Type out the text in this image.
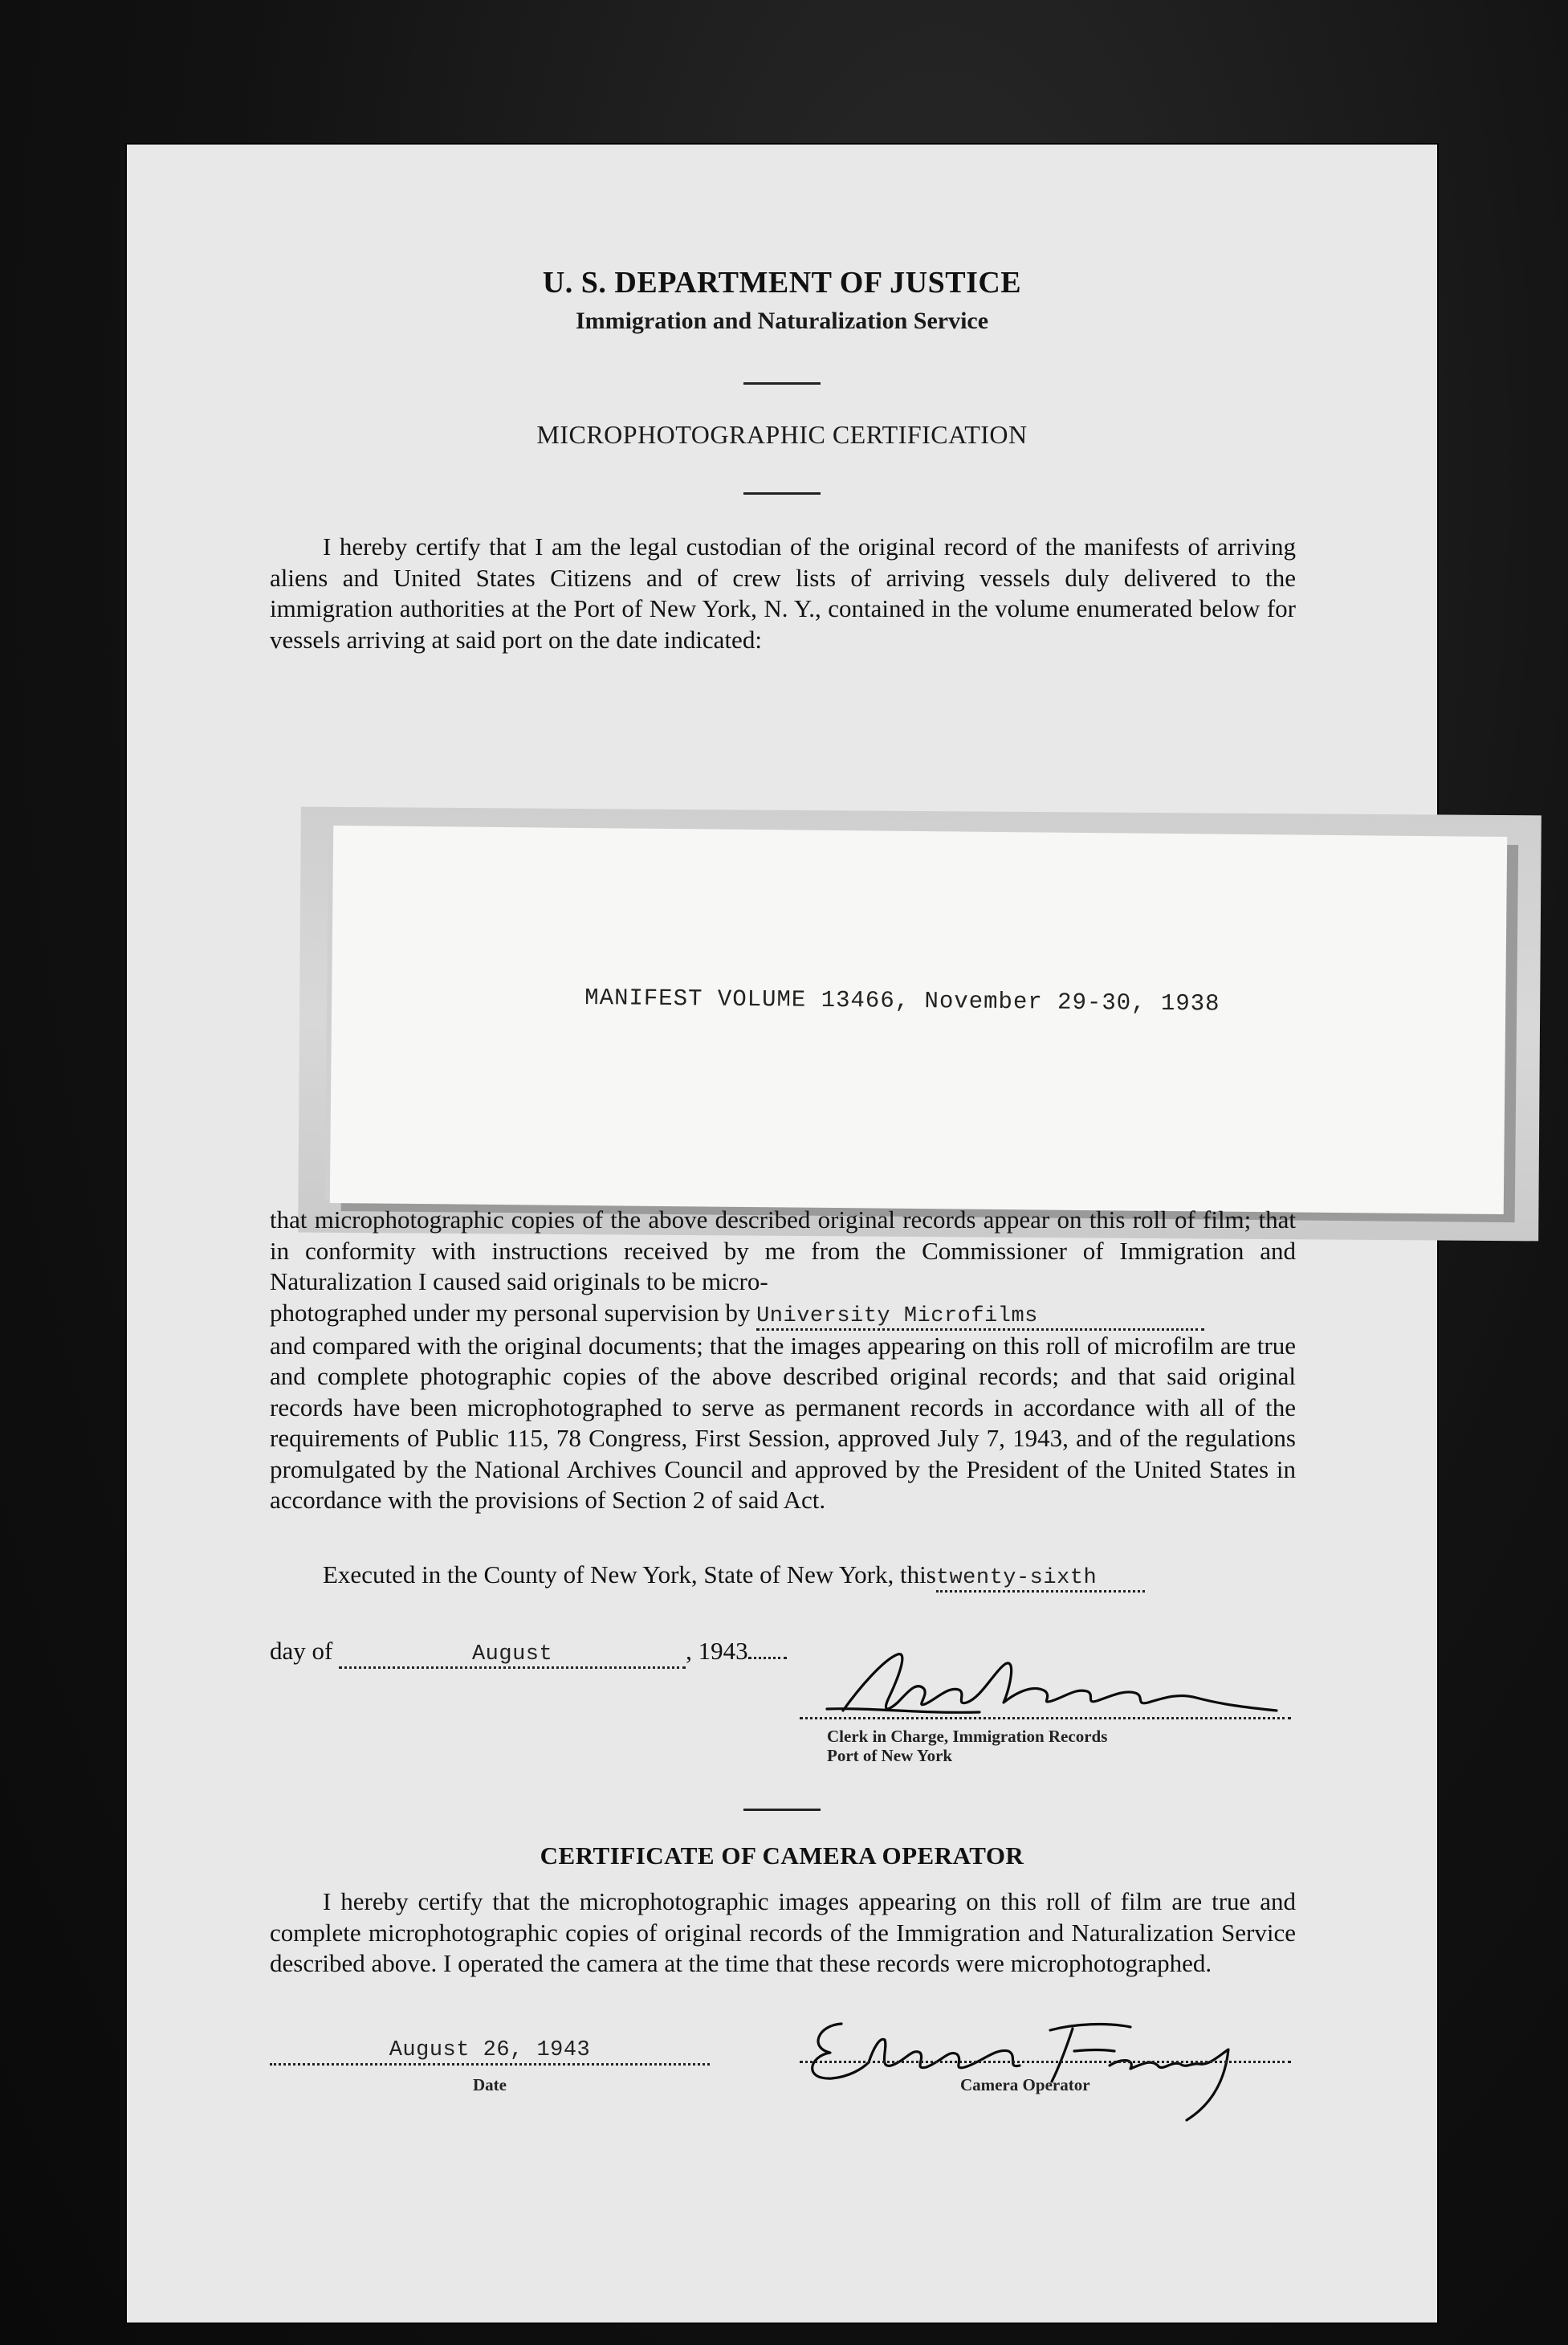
U. S. DEPARTMENT OF JUSTICE
Immigration and Naturalization Service
MICROPHOTOGRAPHIC CERTIFICATION

I hereby certify that I am the legal custodian of the original record of the manifests of arriving aliens and United States Citizens and of crew lists of arriving vessels duly delivered to the immigration authorities at the Port of New York, N. Y., contained in the volume enumerated below for vessels arriving at said port on the date indicated:

MANIFEST VOLUME 13466, November 29-30, 1938

that microphotographic copies of the above described original records appear on this roll of film; that in conformity with instructions received by me from the Commissioner of Immigration and Naturalization I caused said originals to be micro-

photographed under my personal supervision by University Microfilms

and compared with the original documents; that the images appearing on this roll of microfilm are true and complete photographic copies of the above described original records; and that said original records have been microphotographed to serve as permanent records in accordance with all of the requirements of Public 115, 78 Congress, First Session, approved July 7, 1943, and of the regulations promulgated by the National Archives Council and approved by the President of the United States in accordance with the provisions of Section 2 of said Act.

Executed in the County of New York, State of New York, thistwenty-sixth
day of	August	, 1943
Clerk in Charge, Immigration Records
Port of New York
CERTIFICATE OF CAMERA OPERATOR

I hereby certify that the microphotographic images appearing on this roll of film are true and complete microphotographic copies of original records of the Immigration and Naturalization Service described above. I operated the camera at the time that these records were microphotographed.

August 26, 1943
Date	Camera Operator
